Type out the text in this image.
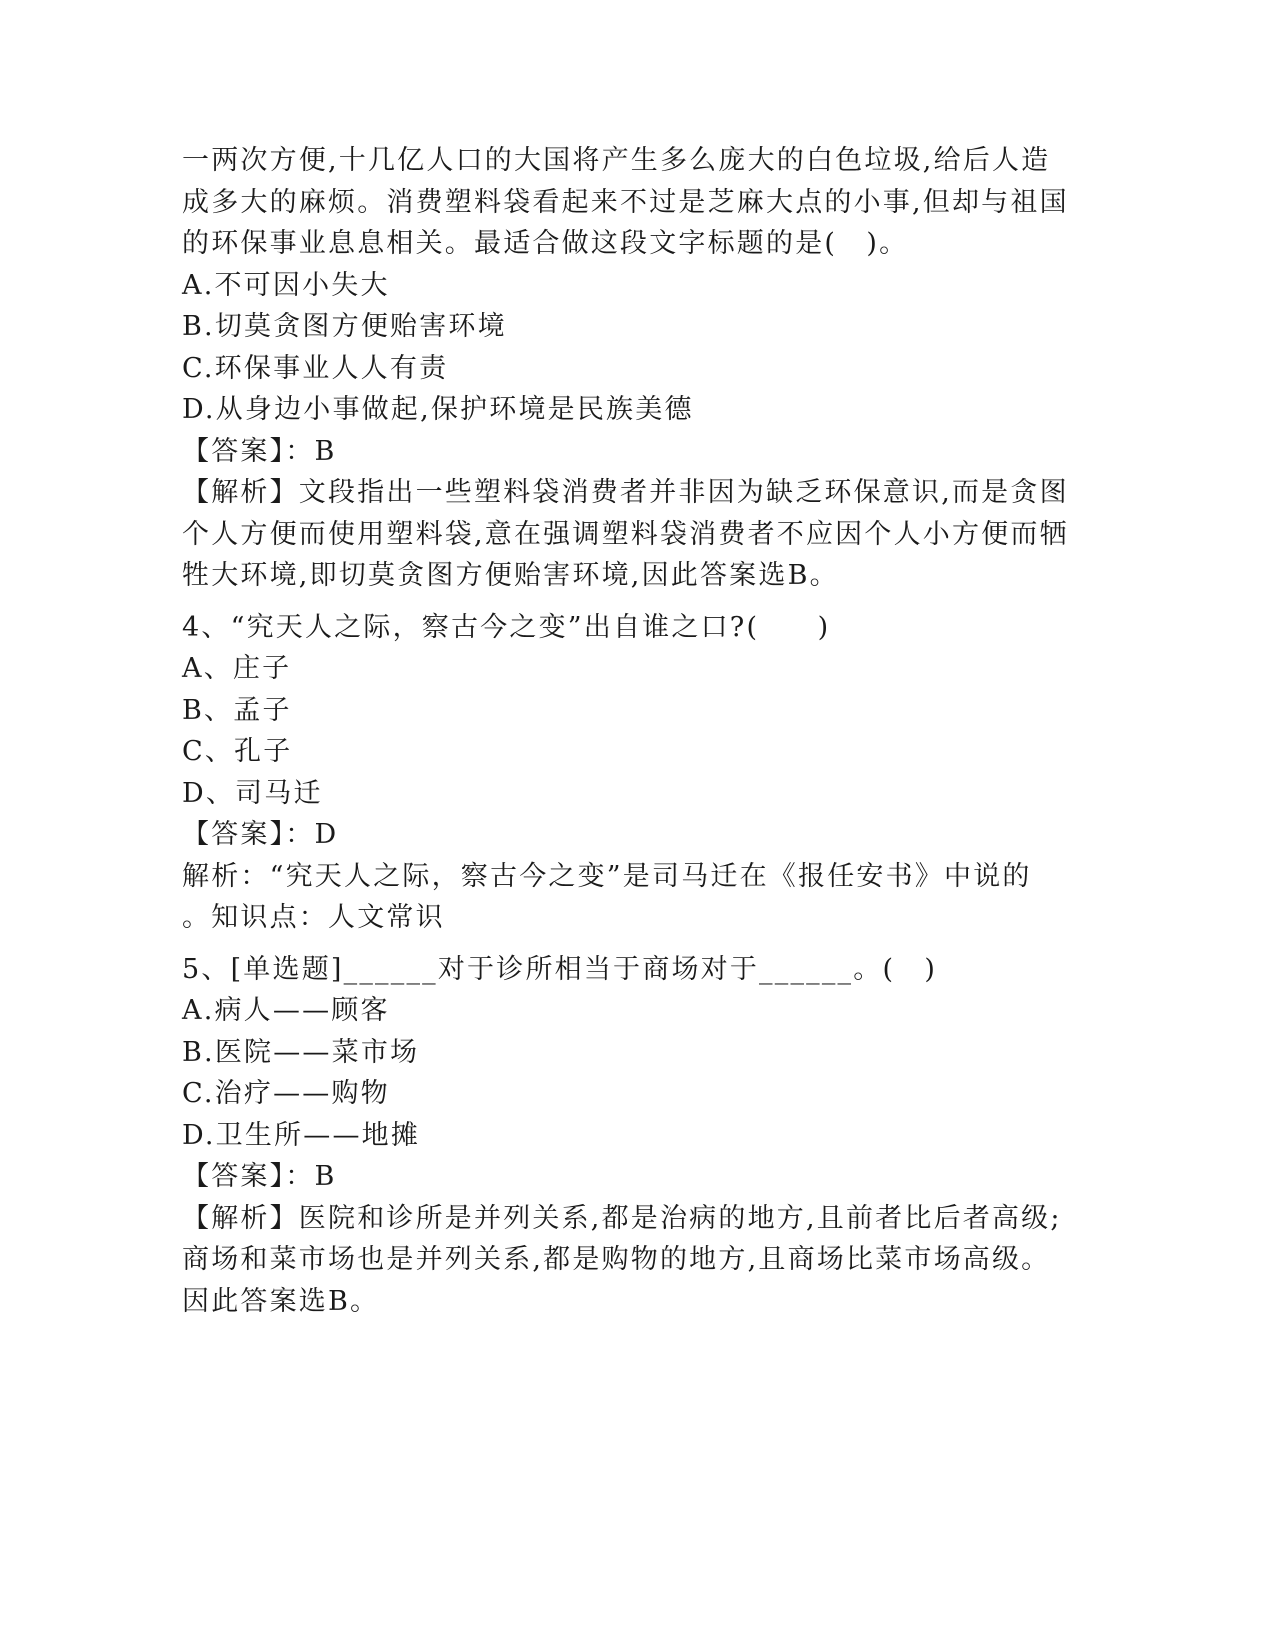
一两次方便,十几亿人口的大国将产生多么庞大的白色垃圾,给后人造
成多大的麻烦。消费塑料袋看起来不过是芝麻大点的小事,但却与祖国
的环保事业息息相关。最适合做这段文字标题的是(　)。
A.不可因小失大
B.切莫贪图方便贻害环境
C.环保事业人人有责
D.从身边小事做起,保护环境是民族美德
【答案】：B
【解析】文段指出一些塑料袋消费者并非因为缺乏环保意识,而是贪图
个人方便而使用塑料袋,意在强调塑料袋消费者不应因个人小方便而牺
牲大环境,即切莫贪图方便贻害环境,因此答案选B。
4、“究天人之际，察古今之变”出自谁之口?(　　)
A、庄子
B、孟子
C、孔子
D、司马迁
【答案】：D
解析：“究天人之际，察古今之变”是司马迁在《报任安书》中说的
。知识点：人文常识
5、[单选题]______对于诊所相当于商场对于______。(　)
A.病人——顾客
B.医院——菜市场
C.治疗——购物
D.卫生所——地摊
【答案】：B
【解析】医院和诊所是并列关系,都是治病的地方,且前者比后者高级;
商场和菜市场也是并列关系,都是购物的地方,且商场比菜市场高级。
因此答案选B。
